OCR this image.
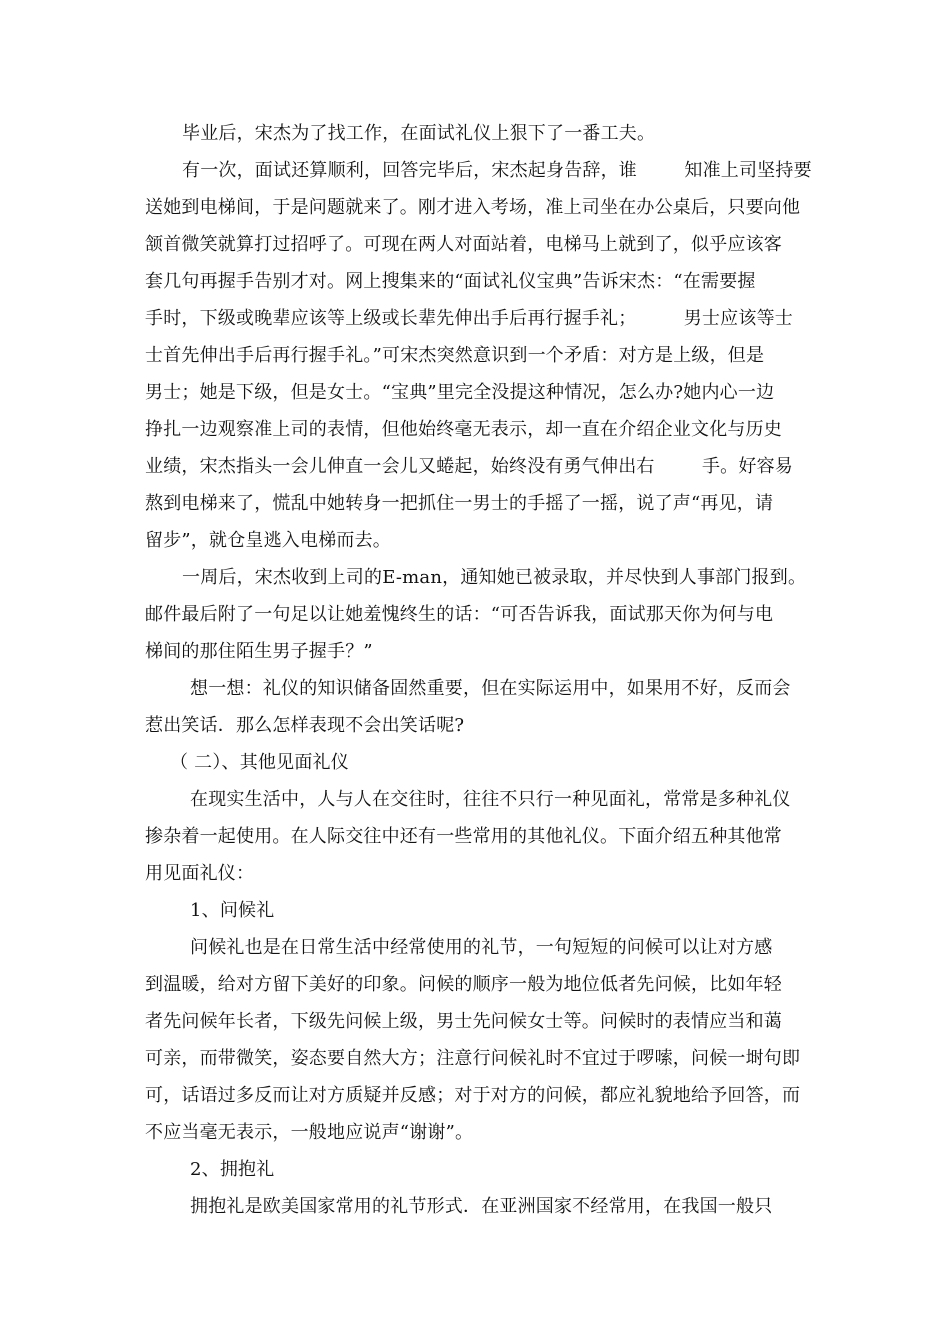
毕业后，宋杰为了找工作，在面试礼仪上狠下了一番工夫。
有一次，面试还算顺利，回答完毕后，宋杰起身告辞，谁        知准上司坚持要
送她到电梯间，于是问题就来了。刚才进入考场，准上司坐在办公桌后，只要向他
颔首微笑就算打过招呼了。可现在两人对面站着，电梯马上就到了，似乎应该客
套几句再握手告别才对。网上搜集来的“面试礼仪宝典”告诉宋杰：“在需要握
手时，下级或晚辈应该等上级或长辈先伸出手后再行握手礼；        男士应该等士
士首先伸出手后再行握手礼。”可宋杰突然意识到一个矛盾：对方是上级，但是
男士；她是下级，但是女士。“宝典”里完全没提这种情况，怎么办?她内心一边
挣扎一边观察准上司的表情，但他始终毫无表示，却一直在介绍企业文化与历史
业绩，宋杰指头一会儿伸直一会儿又蜷起，始终没有勇气伸出右        手。好容易
熬到电梯来了，慌乱中她转身一把抓住一男士的手摇了一摇，说了声“再见，请
留步”，就仓皇逃入电梯而去。
一周后，宋杰收到上司的E-man，通知她已被录取，并尽快到人事部门报到。
邮件最后附了一句足以让她羞愧终生的话：“可否告诉我，面试那天你为何与电
梯间的那住陌生男子握手？”
想一想：礼仪的知识储备固然重要，但在实际运用中，如果用不好，反而会
惹出笑话．那么怎样表现不会出笑话呢?
（ 二）、其他见面礼仪
在现实生活中，人与人在交往时，往往不只行一种见面礼，常常是多种礼仪
掺杂着一起使用。在人际交往中还有一些常用的其他礼仪。下面介绍五种其他常
用见面礼仪：
1、问候礼
问候礼也是在日常生活中经常使用的礼节，一句短短的问候可以让对方感
到温暖，给对方留下美好的印象。问候的顺序一般为地位低者先问候，比如年轻
者先问候年长者，下级先问候上级，男士先问候女士等。问候时的表情应当和蔼
可亲，而带微笑，姿态要自然大方；注意行问候礼时不宜过于啰嗦，问候一埘句即
可，话语过多反而让对方质疑并反感；对于对方的问候，都应礼貌地给予回答，而
不应当毫无表示，一般地应说声“谢谢”。
2、拥抱礼
拥抱礼是欧美国家常用的礼节形式．在亚洲国家不经常用，在我国一般只
